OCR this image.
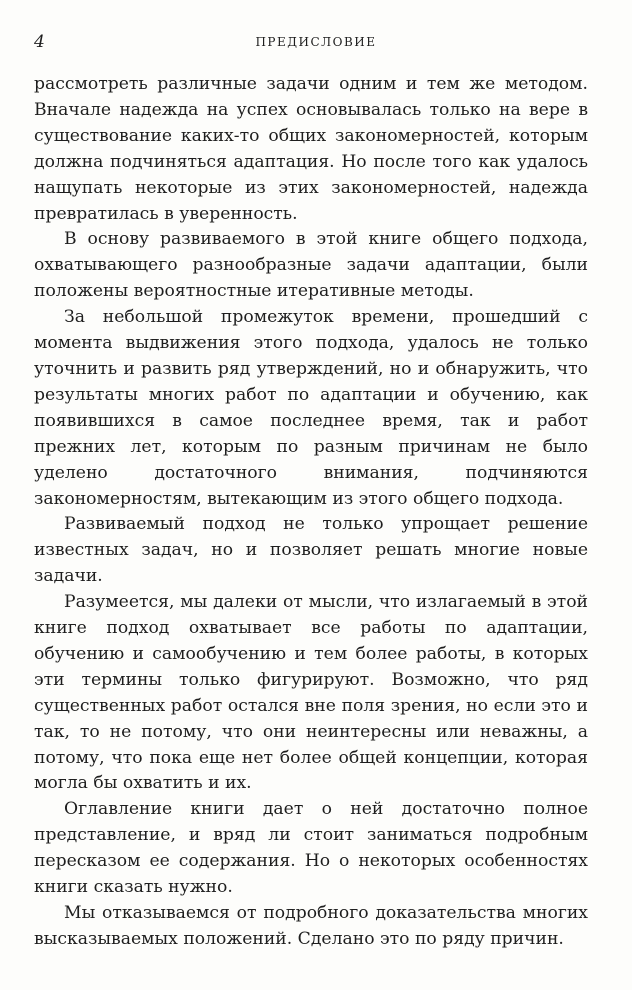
4	ПРЕДИСЛОВИЕ

рассмотреть различные задачи одним и тем же методом. Вначале надежда на успех основывалась только на вере в существование каких-то общих закономерностей, которым должна подчиняться адаптация. Но после того как удалось нащупать некоторые из этих закономерностей, надежда превратилась в уверенность.

В основу развиваемого в этой книге общего подхода, охватывающего разнообразные задачи адаптации, были положены вероятностные итеративные методы.

За небольшой промежуток времени, прошедший с момента выдвижения этого подхода, удалось не только уточнить и развить ряд утверждений, но и обнаружить, что результаты многих работ по адаптации и обучению, как появившихся в самое последнее время, так и работ прежних лет, которым по разным причинам не было уделено достаточного внимания, подчиняются закономерностям, вытекающим из этого общего подхода.

Развиваемый подход не только упрощает решение известных задач, но и позволяет решать многие новые задачи.

Разумеется, мы далеки от мысли, что излагаемый в этой книге подход охватывает все работы по адаптации, обучению и самообучению и тем более работы, в которых эти термины только фигурируют. Возможно, что ряд существенных работ остался вне поля зрения, но если это и так, то не потому, что они неинтересны или неважны, а потому, что пока еще нет более общей концепции, которая могла бы охватить и их.

Оглавление книги дает о ней достаточно полное представление, и вряд ли стоит заниматься подробным пересказом ее содержания. Но о некоторых особенностях книги сказать нужно.

Мы отказываемся от подробного доказательства многих высказываемых положений. Сделано это по ряду причин.
